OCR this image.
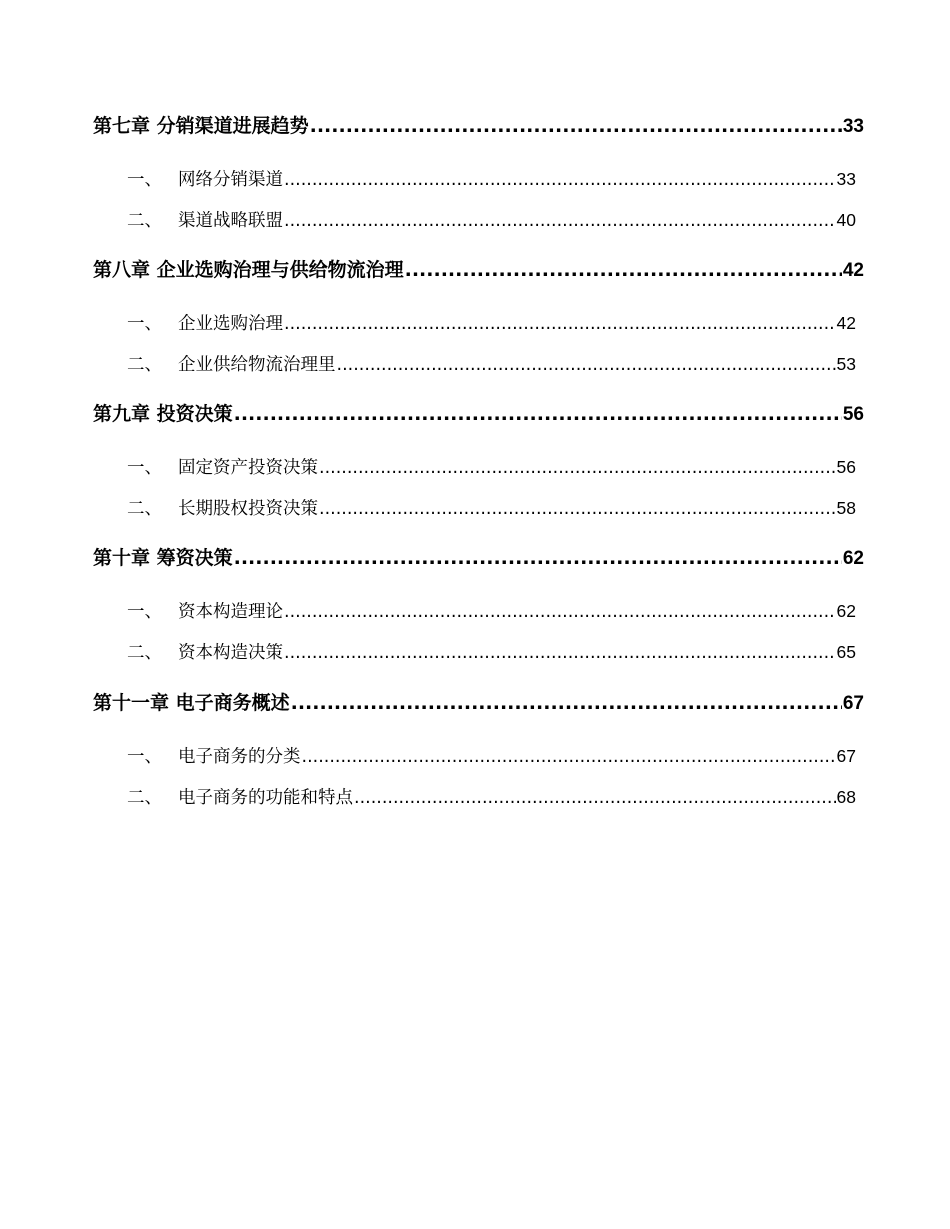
第七章 分销渠道进展趋势 .....	33
一、 网络分销渠道 .....	33
二、 渠道战略联盟 .....	40
第八章 企业选购治理与供给物流治理 .....	42
一、 企业选购治理 .....	42
二、 企业供给物流治理里 .....	53
第九章 投资决策 .....	56
一、 固定资产投资决策 .....	56
二、 长期股权投资决策 .....	58
第十章 筹资决策 .....	62
一、 资本构造理论 .....	62
二、 资本构造决策 .....	65
第十一章 电子商务概述 .....	67
一、 电子商务的分类 .....	67
二、 电子商务的功能和特点 .....	68
